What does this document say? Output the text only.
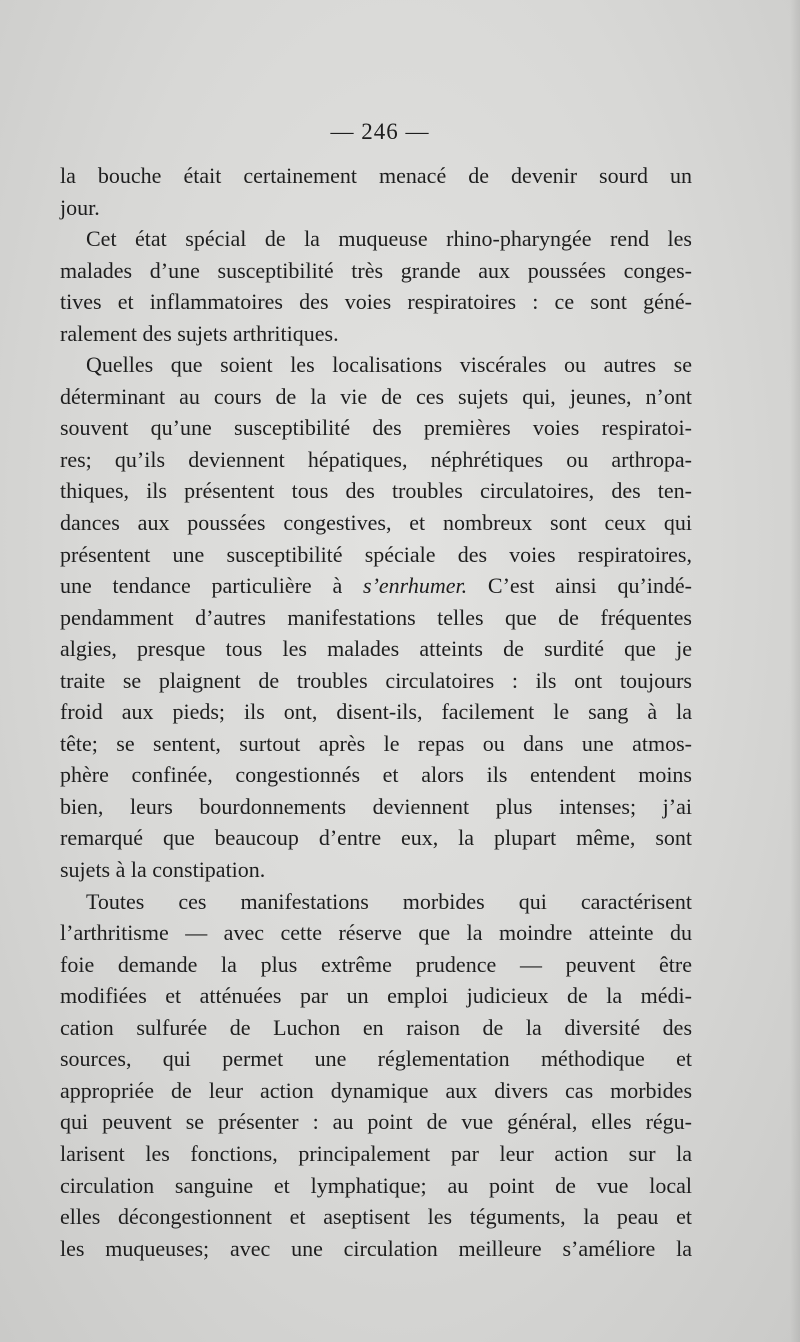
— 246 —
la bouche était certainement menacé de devenir sourd un
jour.
Cet état spécial de la muqueuse rhino-pharyngée rend les
malades d’une susceptibilité très grande aux poussées conges-
tives et inflammatoires des voies respiratoires : ce sont géné-
ralement des sujets arthritiques.
Quelles que soient les localisations viscérales ou autres se
déterminant au cours de la vie de ces sujets qui, jeunes, n’ont
souvent qu’une susceptibilité des premières voies respiratoi-
res; qu’ils deviennent hépatiques, néphrétiques ou arthropa-
thiques, ils présentent tous des troubles circulatoires, des ten-
dances aux poussées congestives, et nombreux sont ceux qui
présentent une susceptibilité spéciale des voies respiratoires,
une tendance particulière à s’enrhumer. C’est ainsi qu’indé-
pendamment d’autres manifestations telles que de fréquentes
algies, presque tous les malades atteints de surdité que je
traite se plaignent de troubles circulatoires : ils ont toujours
froid aux pieds; ils ont, disent-ils, facilement le sang à la
tête; se sentent, surtout après le repas ou dans une atmos-
phère confinée, congestionnés et alors ils entendent moins
bien, leurs bourdonnements deviennent plus intenses; j’ai
remarqué que beaucoup d’entre eux, la plupart même, sont
sujets à la constipation.
Toutes ces manifestations morbides qui caractérisent
l’arthritisme — avec cette réserve que la moindre atteinte du
foie demande la plus extrême prudence — peuvent être
modifiées et atténuées par un emploi judicieux de la médi-
cation sulfurée de Luchon en raison de la diversité des
sources, qui permet une réglementation méthodique et
appropriée de leur action dynamique aux divers cas morbides
qui peuvent se présenter : au point de vue général, elles régu-
larisent les fonctions, principalement par leur action sur la
circulation sanguine et lymphatique; au point de vue local
elles décongestionnent et aseptisent les téguments, la peau et
les muqueuses; avec une circulation meilleure s’améliore la
